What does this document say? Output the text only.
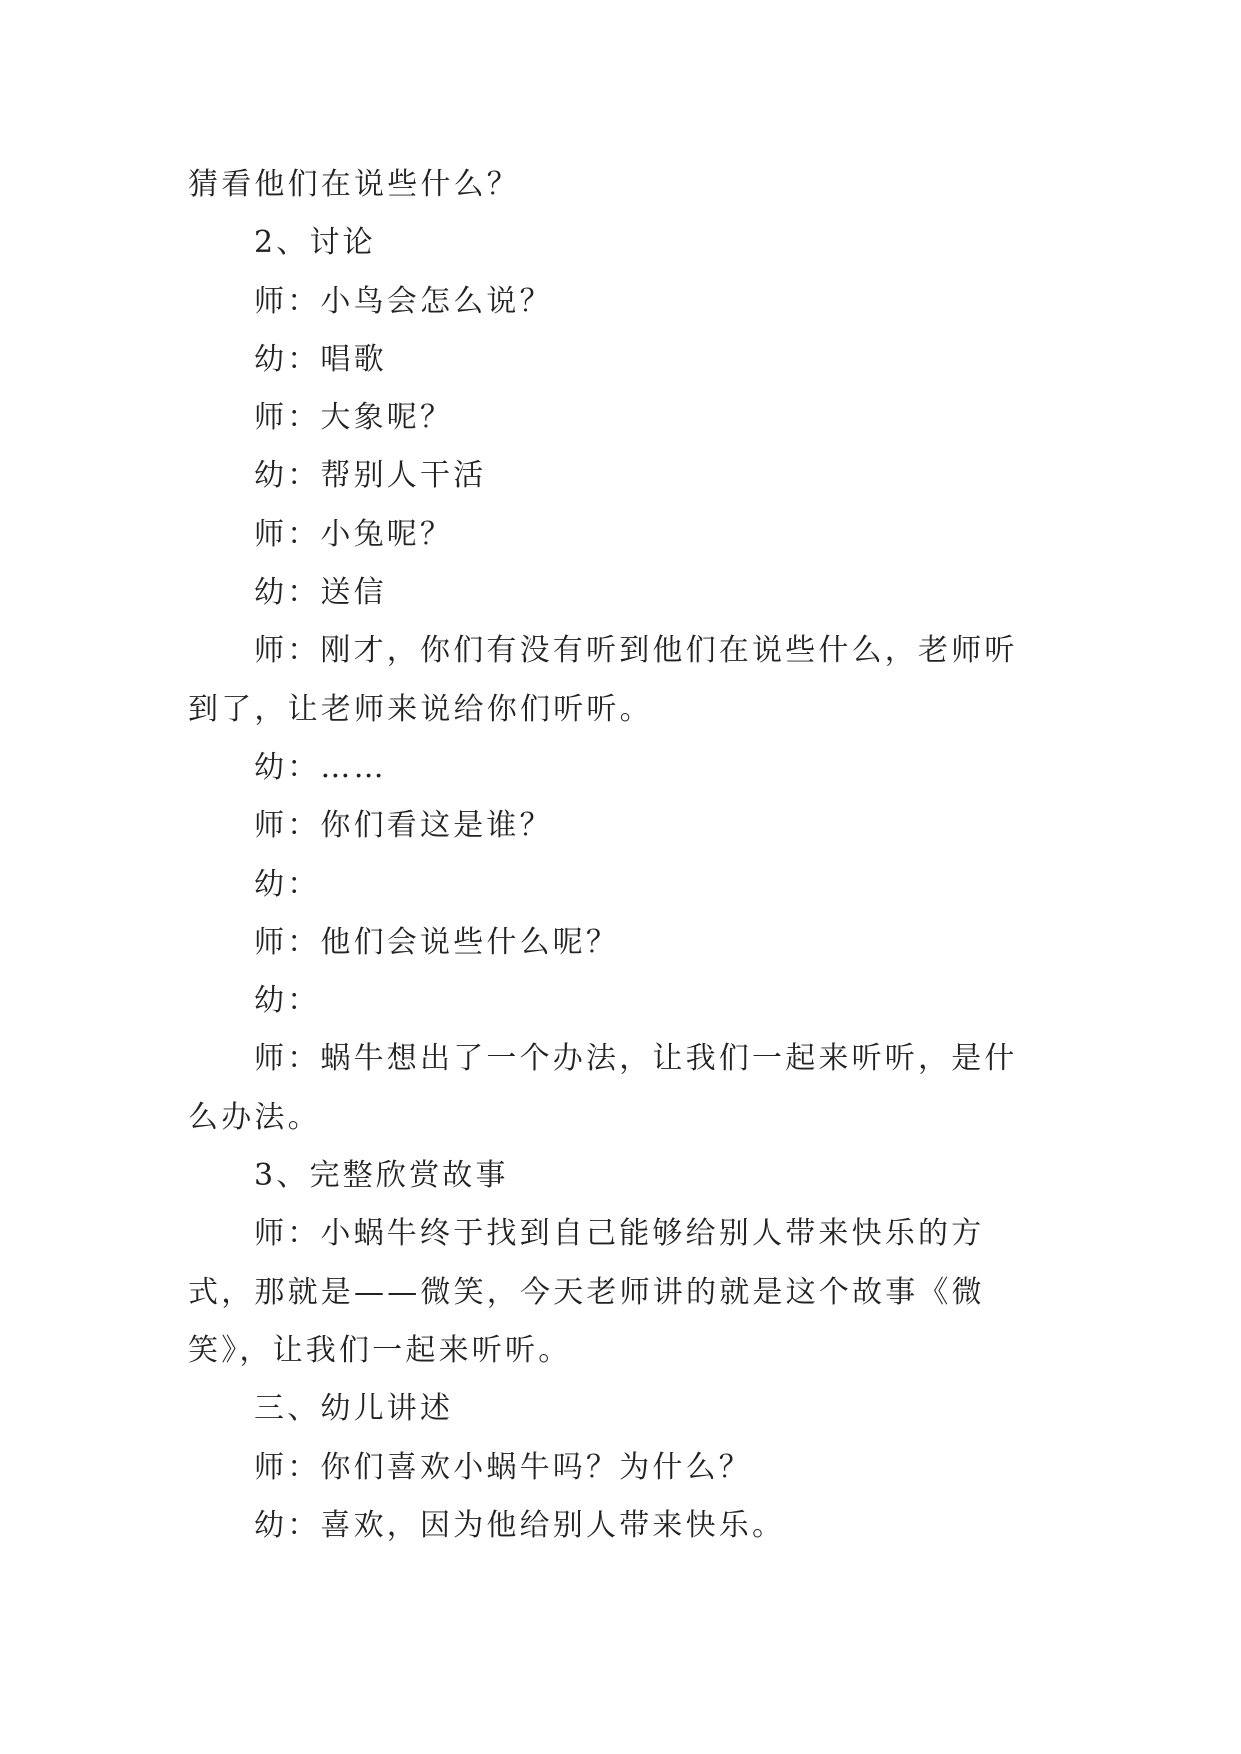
猜看他们在说些什么？

2、讨论

师：小鸟会怎么说？

幼：唱歌

师：大象呢？

幼：帮别人干活

师：小兔呢？

幼：送信

师：刚才，你们有没有听到他们在说些什么，老师听到了，让老师来说给你们听听。

幼：……

师：你们看这是谁？

幼：

师：他们会说些什么呢？

幼：

师：蜗牛想出了一个办法，让我们一起来听听，是什么办法。

3、完整欣赏故事

师：小蜗牛终于找到自己能够给别人带来快乐的方式，那就是——微笑，今天老师讲的就是这个故事《微笑》，让我们一起来听听。

三、幼儿讲述

师：你们喜欢小蜗牛吗？为什么？

幼：喜欢，因为他给别人带来快乐。
